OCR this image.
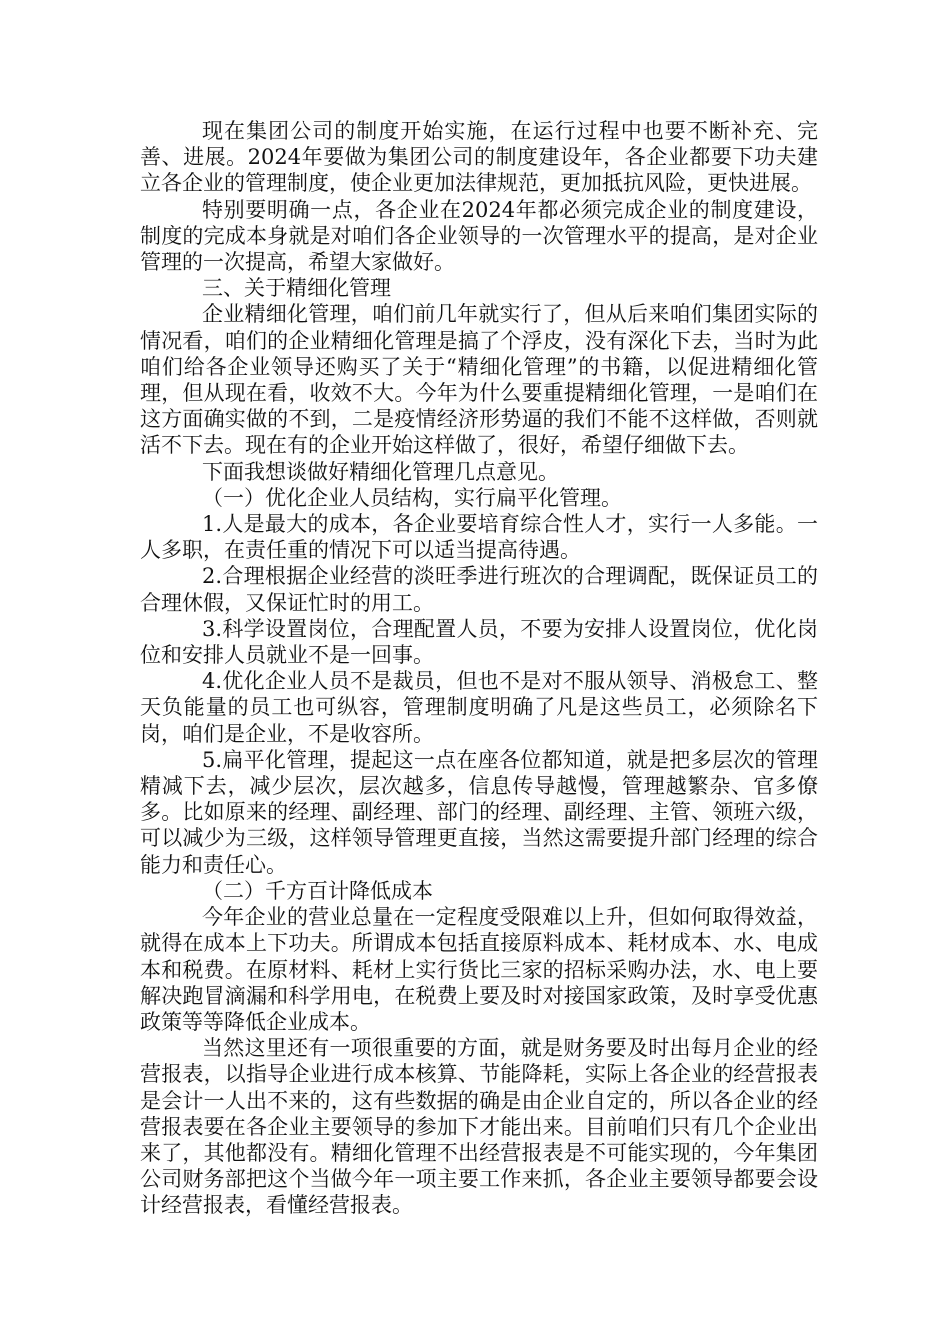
现在集团公司的制度开始实施，在运行过程中也要不断补充、完善、进展。2024年要做为集团公司的制度建设年，各企业都要下功夫建立各企业的管理制度，使企业更加法律规范，更加抵抗风险，更快进展。

特别要明确一点，各企业在2024年都必须完成企业的制度建设，制度的完成本身就是对咱们各企业领导的一次管理水平的提高，是对企业管理的一次提高，希望大家做好。

三、关于精细化管理

企业精细化管理，咱们前几年就实行了，但从后来咱们集团实际的情况看，咱们的企业精细化管理是搞了个浮皮，没有深化下去，当时为此咱们给各企业领导还购买了关于“精细化管理”的书籍，以促进精细化管理，但从现在看，收效不大。今年为什么要重提精细化管理，一是咱们在这方面确实做的不到，二是疫情经济形势逼的我们不能不这样做，否则就活不下去。现在有的企业开始这样做了，很好，希望仔细做下去。

下面我想谈做好精细化管理几点意见。

（一）优化企业人员结构，实行扁平化管理。

1.人是最大的成本，各企业要培育综合性人才，实行一人多能。一人多职，在责任重的情况下可以适当提高待遇。

2.合理根据企业经营的淡旺季进行班次的合理调配，既保证员工的合理休假，又保证忙时的用工。

3.科学设置岗位，合理配置人员，不要为安排人设置岗位，优化岗位和安排人员就业不是一回事。

4.优化企业人员不是裁员，但也不是对不服从领导、消极怠工、整天负能量的员工也可纵容，管理制度明确了凡是这些员工，必须除名下岗，咱们是企业，不是收容所。

5.扁平化管理，提起这一点在座各位都知道，就是把多层次的管理精减下去，减少层次，层次越多，信息传导越慢，管理越繁杂、官多僚多。比如原来的经理、副经理、部门的经理、副经理、主管、领班六级，可以减少为三级，这样领导管理更直接，当然这需要提升部门经理的综合能力和责任心。

（二）千方百计降低成本

今年企业的营业总量在一定程度受限难以上升，但如何取得效益，就得在成本上下功夫。所谓成本包括直接原料成本、耗材成本、水、电成本和税费。在原材料、耗材上实行货比三家的招标采购办法，水、电上要解决跑冒滴漏和科学用电，在税费上要及时对接国家政策，及时享受优惠政策等等降低企业成本。

当然这里还有一项很重要的方面，就是财务要及时出每月企业的经营报表，以指导企业进行成本核算、节能降耗，实际上各企业的经营报表是会计一人出不来的，这有些数据的确是由企业自定的，所以各企业的经营报表要在各企业主要领导的参加下才能出来。目前咱们只有几个企业出来了，其他都没有。精细化管理不出经营报表是不可能实现的，今年集团公司财务部把这个当做今年一项主要工作来抓，各企业主要领导都要会设计经营报表，看懂经营报表。
